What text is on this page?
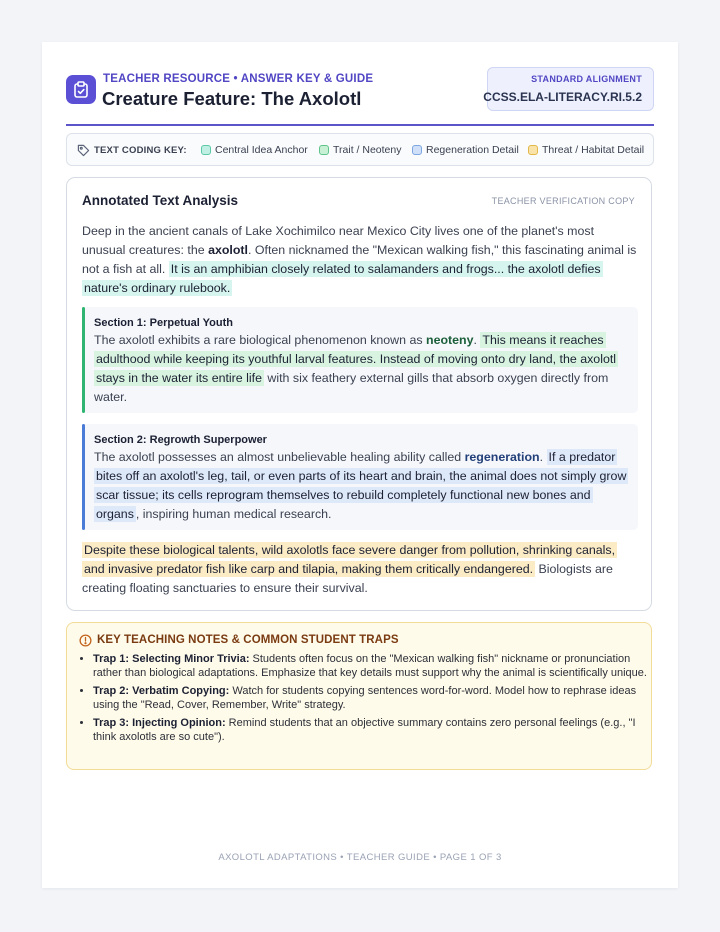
TEACHER RESOURCE • ANSWER KEY & GUIDE
Creature Feature: The Axolotl
STANDARD ALIGNMENT
CCSS.ELA-LITERACY.RI.5.2
TEXT CODING KEY:	Central Idea Anchor Trait / Neoteny Regeneration Detail Threat / Habitat Detail
Annotated Text Analysis	TEACHER VERIFICATION COPY
Deep in the ancient canals of Lake Xochimilco near Mexico City lives one of the planet's most unusual creatures: the axolotl. Often nicknamed the "Mexican walking fish," this fascinating animal is not a fish at all. It is an amphibian closely related to salamanders and frogs... the axolotl defies nature's ordinary rulebook.
Section 1: Perpetual Youth
The axolotl exhibits a rare biological phenomenon known as neoteny. This means it reaches adulthood while keeping its youthful larval features. Instead of moving onto dry land, the axolotl stays in the water its entire life with six feathery external gills that absorb oxygen directly from water.
Section 2: Regrowth Superpower
The axolotl possesses an almost unbelievable healing ability called regeneration. If a predator bites off an axolotl's leg, tail, or even parts of its heart and brain, the animal does not simply grow scar tissue; its cells reprogram themselves to rebuild completely functional new bones and organs , inspiring human medical research.
Despite these biological talents, wild axolotls face severe danger from pollution, shrinking canals, and invasive predator fish like carp and tilapia, making them critically endangered. Biologists are creating floating sanctuaries to ensure their survival.
KEY TEACHING NOTES & COMMON STUDENT TRAPS
• Trap 1: Selecting Minor Trivia: Students often focus on the "Mexican walking fish" nickname or pronunciation rather than biological adaptations. Emphasize that key details must support why the animal is scientifically unique.
• Trap 2: Verbatim Copying: Watch for students copying sentences word-for-word. Model how to rephrase ideas using the "Read, Cover, Remember, Write" strategy.
• Trap 3: Injecting Opinion: Remind students that an objective summary contains zero personal feelings (e.g., "I think axolotls are so cute").
AXOLOTL ADAPTATIONS • TEACHER GUIDE • PAGE 1 OF 3
